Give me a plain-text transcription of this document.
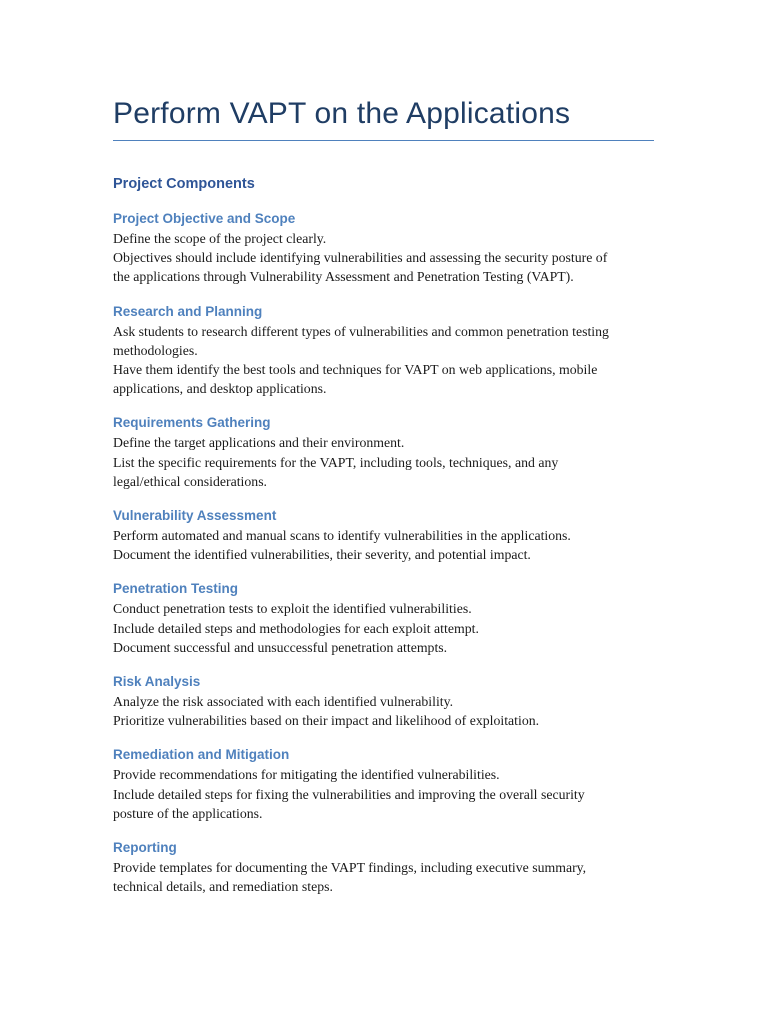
Perform VAPT on the Applications
Project Components
Project Objective and Scope

Define the scope of the project clearly.

Objectives should include identifying vulnerabilities and assessing the security posture of

the applications through Vulnerability Assessment and Penetration Testing (VAPT).

Research and Planning

Ask students to research different types of vulnerabilities and common penetration testing

methodologies.

Have them identify the best tools and techniques for VAPT on web applications, mobile

applications, and desktop applications.

Requirements Gathering

Define the target applications and their environment.

List the specific requirements for the VAPT, including tools, techniques, and any

legal/ethical considerations.

Vulnerability Assessment

Perform automated and manual scans to identify vulnerabilities in the applications.

Document the identified vulnerabilities, their severity, and potential impact.

Penetration Testing

Conduct penetration tests to exploit the identified vulnerabilities.

Include detailed steps and methodologies for each exploit attempt.

Document successful and unsuccessful penetration attempts.

Risk Analysis

Analyze the risk associated with each identified vulnerability.

Prioritize vulnerabilities based on their impact and likelihood of exploitation.

Remediation and Mitigation

Provide recommendations for mitigating the identified vulnerabilities.

Include detailed steps for fixing the vulnerabilities and improving the overall security

posture of the applications.

Reporting

Provide templates for documenting the VAPT findings, including executive summary,

technical details, and remediation steps.
